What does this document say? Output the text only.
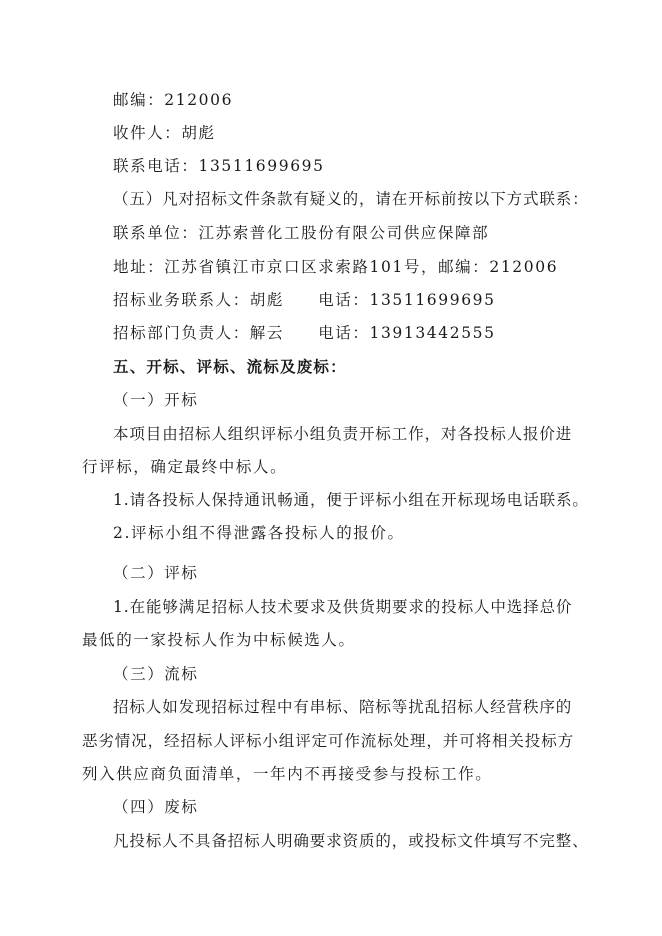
邮编：212006
收件人：胡彪
联系电话：13511699695
（五）凡对招标文件条款有疑义的，请在开标前按以下方式联系：
联系单位：江苏索普化工股份有限公司供应保障部
地址：江苏省镇江市京口区求索路101号，邮编：212006
招标业务联系人：胡彪　　电话：13511699695
招标部门负责人：解云　　电话：13913442555
五、开标、评标、流标及废标：
（一）开标
本项目由招标人组织评标小组负责开标工作，对各投标人报价进
行评标，确定最终中标人。
1.请各投标人保持通讯畅通，便于评标小组在开标现场电话联系。
2.评标小组不得泄露各投标人的报价。
（二）评标
1.在能够满足招标人技术要求及供货期要求的投标人中选择总价
最低的一家投标人作为中标候选人。
（三）流标
招标人如发现招标过程中有串标、陪标等扰乱招标人经营秩序的
恶劣情况，经招标人评标小组评定可作流标处理，并可将相关投标方
列入供应商负面清单，一年内不再接受参与投标工作。
（四）废标
凡投标人不具备招标人明确要求资质的，或投标文件填写不完整、
